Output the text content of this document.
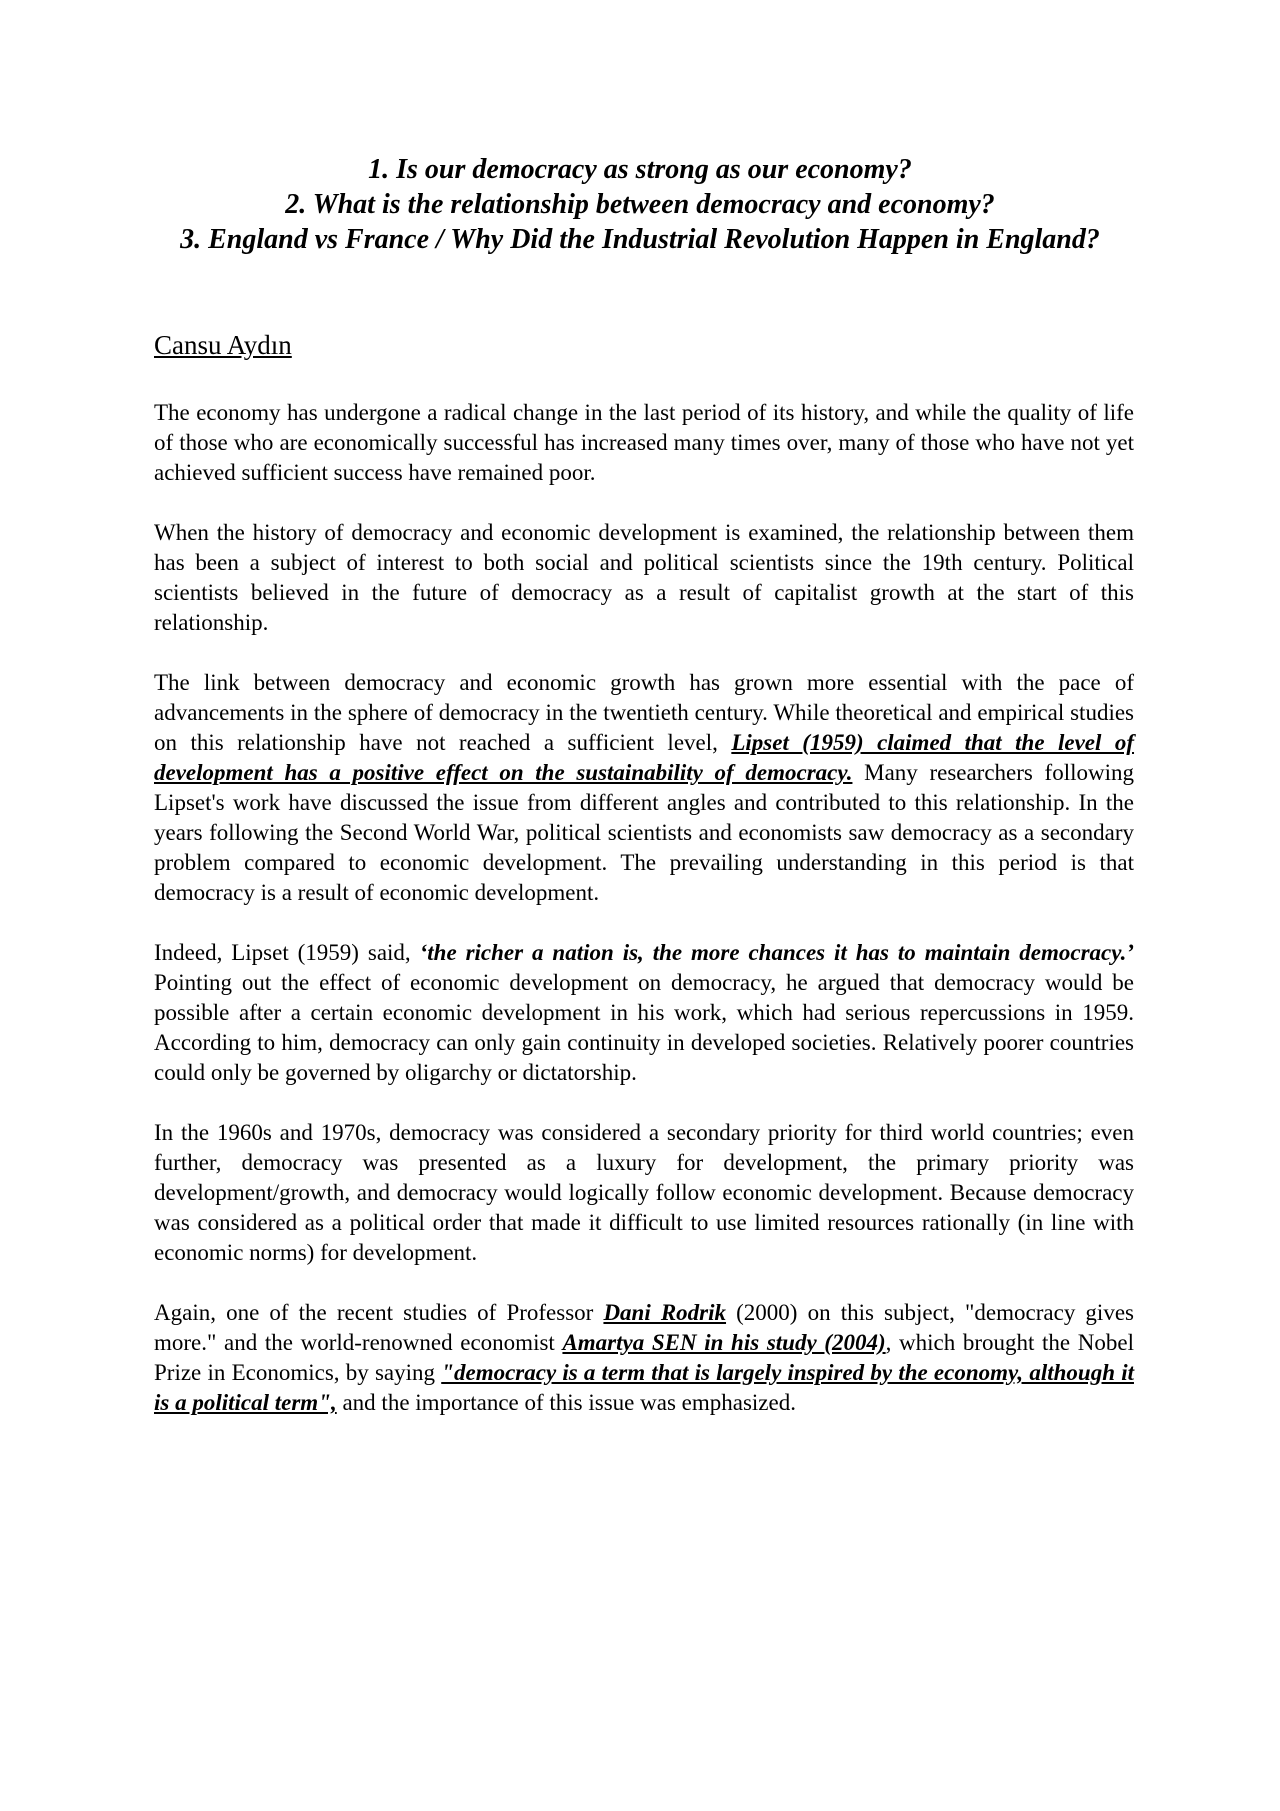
1. Is our democracy as strong as our economy?

2. What is the relationship between democracy and economy?

3. England vs France / Why Did the Industrial Revolution Happen in England?

Cansu Aydın

The economy has undergone a radical change in the last period of its history, and while the quality of life of those who are economically successful has increased many times over, many of those who have not yet achieved sufficient success have remained poor.

When the history of democracy and economic development is examined, the relationship between them has been a subject of interest to both social and political scientists since the 19th century. Political scientists believed in the future of democracy as a result of capitalist growth at the start of this relationship.

The link between democracy and economic growth has grown more essential with the pace of advancements in the sphere of democracy in the twentieth century. While theoretical and empirical studies on this relationship have not reached a sufficient level, Lipset (1959) claimed that the level of development has a positive effect on the sustainability of democracy. Many researchers following Lipset's work have discussed the issue from different angles and contributed to this relationship. In the years following the Second World War, political scientists and economists saw democracy as a secondary problem compared to economic development. The prevailing understanding in this period is that democracy is a result of economic development.

Indeed, Lipset (1959) said, ‘the richer a nation is, the more chances it has to maintain democracy.’ Pointing out the effect of economic development on democracy, he argued that democracy would be possible after a certain economic development in his work, which had serious repercussions in 1959. According to him, democracy can only gain continuity in developed societies. Relatively poorer countries could only be governed by oligarchy or dictatorship.

In the 1960s and 1970s, democracy was considered a secondary priority for third world countries; even further, democracy was presented as a luxury for development, the primary priority was development/growth, and democracy would logically follow economic development. Because democracy was considered as a political order that made it difficult to use limited resources rationally (in line with economic norms) for development.

Again, one of the recent studies of Professor Dani Rodrik (2000) on this subject, "democracy gives more." and the world-renowned economist Amartya SEN in his study (2004), which brought the Nobel Prize in Economics, by saying "democracy is a term that is largely inspired by the economy, although it is a political term", and the importance of this issue was emphasized.
